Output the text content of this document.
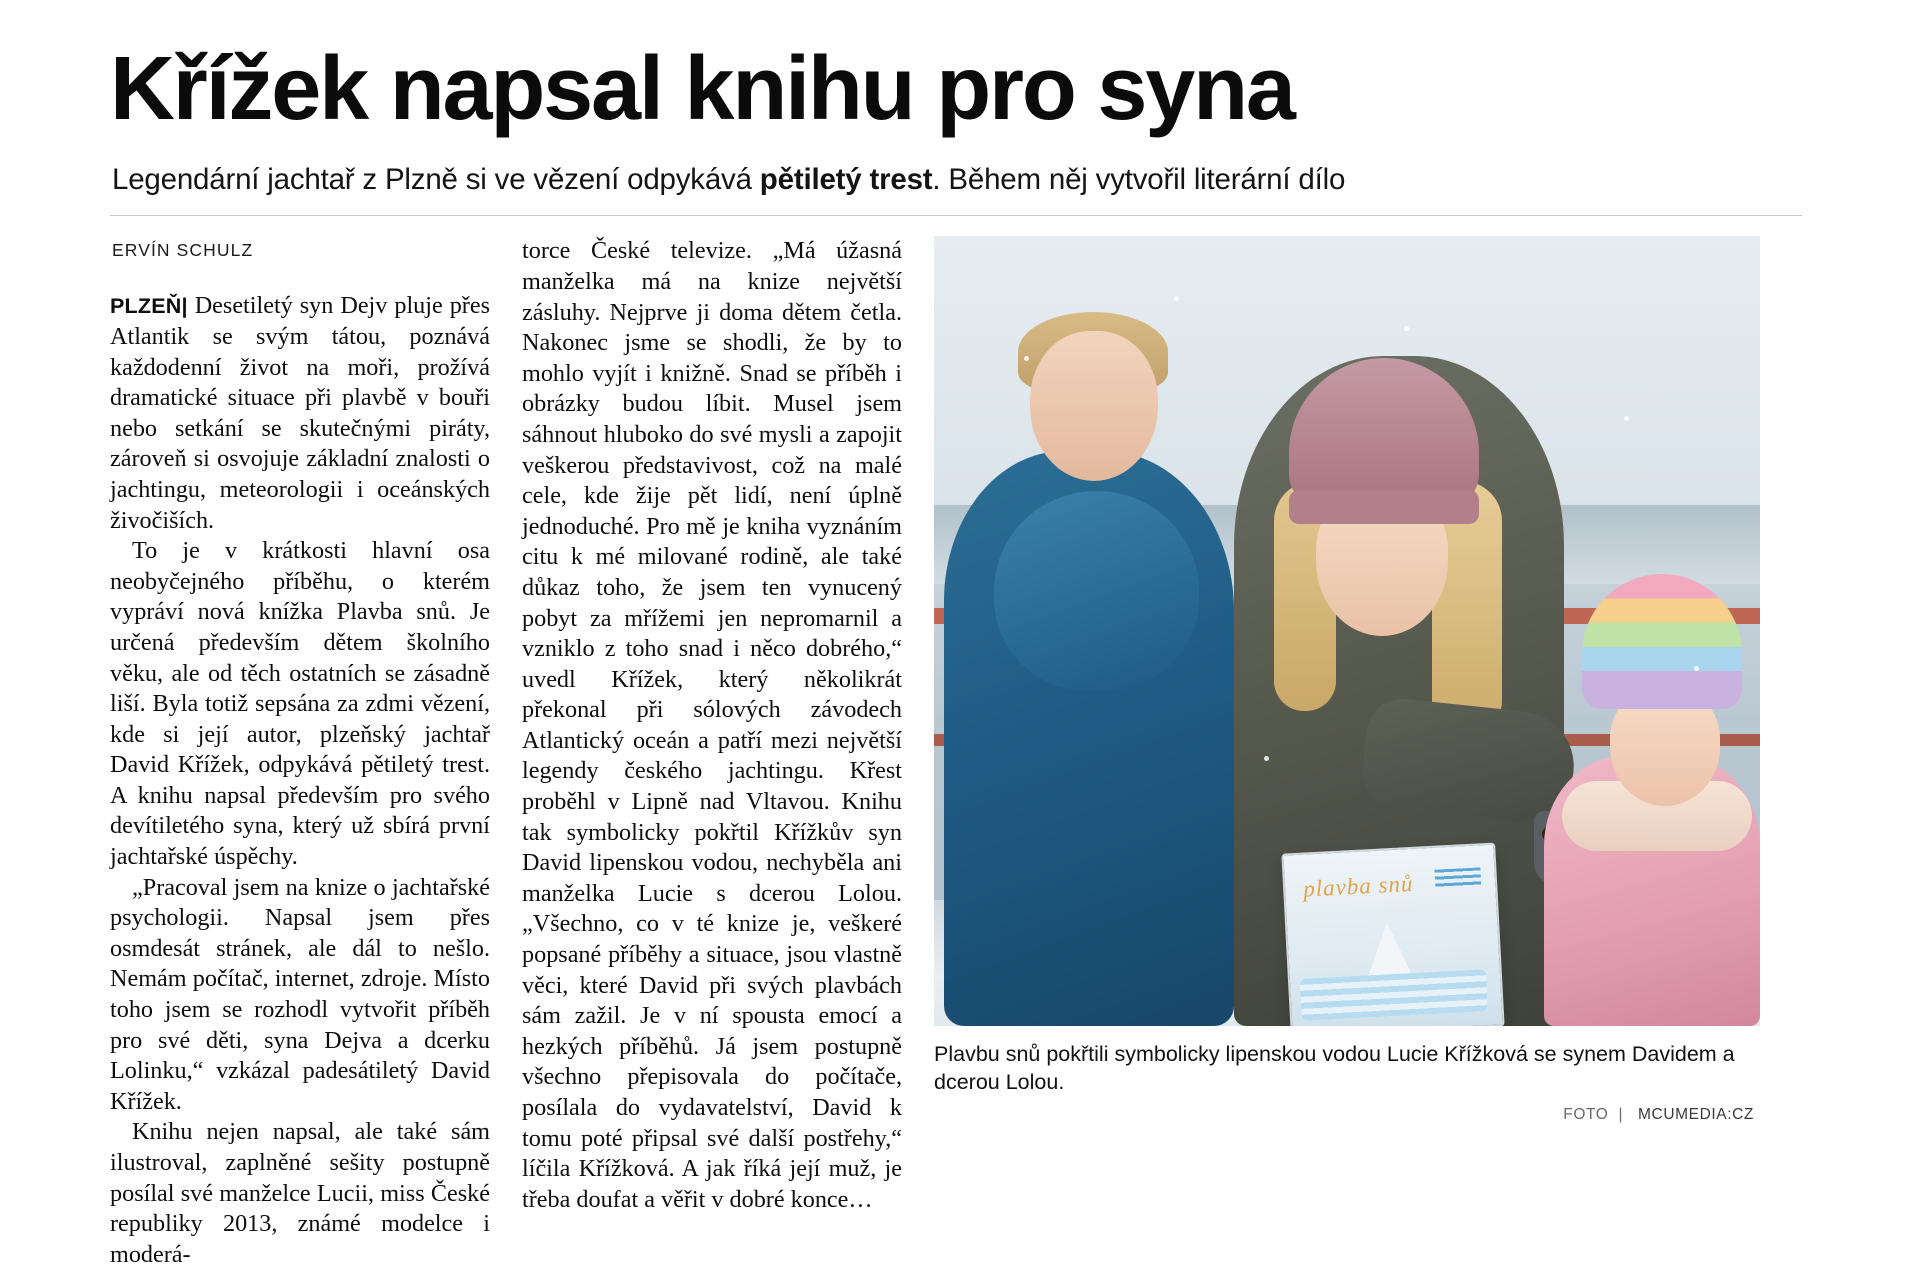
Křížek napsal knihu pro syna
Legendární jachtař z Plzně si ve vězení odpykává pětiletý trest. Během něj vytvořil literární dílo
ERVÍN SCHULZ

PLZEŇ| Desetiletý syn Dejv pluje přes Atlantik se svým tátou, poznává každodenní život na moři, prožívá dramatické situace při plavbě v bouři nebo setkání se skutečnými piráty, zároveň si osvojuje základní znalosti o jachtingu, meteorologii i oceánských živočiších.

To je v krátkosti hlavní osa neobyčejného příběhu, o kterém vypráví nová knížka Plavba snů. Je určená především dětem školního věku, ale od těch ostatních se zásadně liší. Byla totiž sepsána za zdmi vězení, kde si její autor, plzeňský jachtař David Křížek, odpykává pětiletý trest. A knihu napsal především pro svého devítiletého syna, který už sbírá první jachtařské úspěchy.

„Pracoval jsem na knize o jachtařské psychologii. Napsal jsem přes osmdesát stránek, ale dál to nešlo. Nemám počítač, internet, zdroje. Místo toho jsem se rozhodl vytvořit příběh pro své děti, syna Dejva a dcerku Lolinku,“ vzkázal padesátiletý David Křížek.

Knihu nejen napsal, ale také sám ilustroval, zaplněné sešity postupně posílal své manželce Lucii, miss České republiky 2013, známé modelce i moderá-

torce České televize. „Má úžasná manželka má na knize největší zásluhy. Nejprve ji doma dětem četla. Nakonec jsme se shodli, že by to mohlo vyjít i knižně. Snad se příběh i obrázky budou líbit. Musel jsem sáhnout hluboko do své mysli a zapojit veškerou představivost, což na malé cele, kde žije pět lidí, není úplně jednoduché. Pro mě je kniha vyznáním citu k mé milované rodině, ale také důkaz toho, že jsem ten vynucený pobyt za mřížemi jen nepromarnil a vzniklo z toho snad i něco dobrého,“ uvedl Křížek, který několikrát překonal při sólových závodech Atlantický oceán a patří mezi největší legendy českého jachtingu. Křest proběhl v Lipně nad Vltavou. Knihu tak symbolicky pokřtil Křížkův syn David lipenskou vodou, nechyběla ani manželka Lucie s dcerou Lolou. „Všechno, co v té knize je, veškeré popsané příběhy a situace, jsou vlastně věci, které David při svých plavbách sám zažil. Je v ní spousta emocí a hezkých příběhů. Já jsem postupně všechno přepisovala do počítače, posílala do vydavatelství, David k tomu poté připsal své další postřehy,“ líčila Křížková. A jak říká její muž, je třeba doufat a věřit v dobré konce…

plavba snů
Plavbu snů pokřtili symbolicky lipenskou vodou Lucie Křížková se synem Davidem a dcerou Lolou.
FOTO | MCUMEDIA:CZ
